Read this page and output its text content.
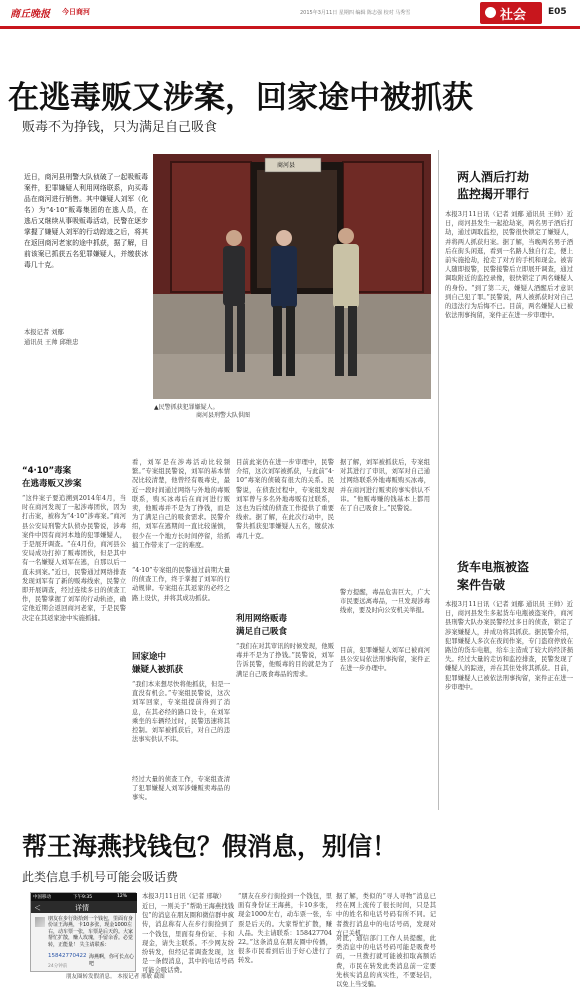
商丘晚报 今日商河	2015年3月11日 星期四 编辑 陈志强 校对 马秀雪	社会 E05
在逃毒贩又涉案，回家途中被抓获
贩毒不为挣钱，只为满足自己吸食
近日，商河县刑警大队侦破了一起吸贩毒案件，犯罪嫌疑人利用网络联系，向买毒品在商河进行销售。其中嫌疑人刘军（化名）为“4·10”贩毒集团的在逃人员，在逃后又继续从事吸贩毒活动，民警在逐步掌握了嫌疑人刘军的行动踪迹之后，将其在返回商河老家的途中抓获，据了解，目前该案已抓获五名犯罪嫌疑人，并缴获冰毒几十克。
本报记者 刘鄢
通讯员 王帅 邱维忠
商河县
▲民警抓获犯罪嫌疑人。
商河县刑警大队供图
“4·10”毒案
在逃毒贩又涉案
“这件案子要追溯到2014年4月，当时在商河发现了一起涉毒团伙，因为打击案，被称为“4·10”涉毒案。”商河县公安局刑警大队侦办民警说，涉毒案件中因有商河本地的犯罪嫌疑人，于是展开调查。“在4月份，商河县公安局成功打掉了贩毒团伙，但是其中有一名嫌疑人刘军在逃，自那以后一直未到案。”近日，民警通过网络排查发现刘军有了新的贩毒线索，民警立即开展调查，经过连续多日的侦查工作，民警掌握了刘军的行动轨迹，确定他近期会返回商河老家，于是民警决定在其返家途中实施抓捕。
看，刘军是在涉毒活动比较频繁。”专案组民警说，刘军的基本情况比较清楚，他曾经有吸毒史，最近一段时间通过网络与外地的毒贩联系，购买冰毒后在商河进行贩卖，他贩毒并不是为了挣钱，而是为了满足自己的吸食需求。民警介绍，刘军在逃期间一直比较谨慎，很少在一个地方长时间停留，给抓捕工作带来了一定的难度。
“4·10”专案组的民警通过前期大量的侦查工作，终于掌握了刘军的行动规律。专案组在其返家的必经之路上设伏，并将其成功抓获。
回家途中
嫌疑人被抓获
“我们本来想尽快将他抓获，但是一直没有机会。”专案组民警说，这次刘军回家，专案组提前得到了消息，在其必经的路口设卡，在刘军乘坐的车辆经过时，民警迅速将其控制。刘军被抓获后，对自己的违法事实供认不讳。
经过大量的侦查工作，专案组查清了犯罪嫌疑人刘军涉嫌贩卖毒品的事实。
目前此案仍在进一步审理中，民警介绍，这次刘军被抓获，与此前“4·10”毒案的侦破有很大的关系。民警说，在侦查过程中，专案组发现刘军曾与多名外地毒贩有过联系，这也为后续的侦查工作提供了重要线索。据了解，在此次行动中，民警共抓获犯罪嫌疑人五名，缴获冰毒几十克。
利用网络贩毒
满足自己吸食
“我们在对其审讯的时候发现，他贩毒并不是为了挣钱。”民警说，刘军告诉民警，他贩毒的目的就是为了满足自己吸食毒品的需求。
据了解，刘军被抓获后，专案组对其进行了审讯，刘军对自己通过网络联系外地毒贩购买冰毒，并在商河进行贩卖的事实供认不讳。“他贩毒赚的钱基本上都用在了自己吸食上。”民警说。
警方提醒，毒品危害巨大，广大市民要远离毒品，一旦发现涉毒线索，要及时向公安机关举报。
目前，犯罪嫌疑人刘军已被商河县公安局依法刑事拘留，案件正在进一步办理中。
两人酒后打劫
监控揭开罪行
本报3月11日讯（记者 刘鄢 通讯员 王帅）近日，商河县发生一起抢劫案，两名男子酒后打劫，通过调取监控，民警很快锁定了嫌疑人，并将两人抓获归案。据了解，当晚两名男子酒后在街头闲逛，看到一名路人独自行走，便上前实施抢劫，抢走了对方的手机和现金。被害人随即报警，民警接警后立即展开调查，通过调取附近的监控录像，很快锁定了两名嫌疑人的身份。“到了第二天，嫌疑人酒醒后才意识到自己犯了罪。”民警说，两人被抓获时对自己的违法行为后悔不已。目前，两名嫌疑人已被依法刑事拘留，案件正在进一步审理中。
货车电瓶被盗
案件告破
本报3月11日讯（记者 刘鄢 通讯员 王帅）近日，商河县发生多起货车电瓶被盗案件，商河县刑警大队办案民警经过多日的侦查，锁定了涉案嫌疑人，并成功将其抓获。据民警介绍，犯罪嫌疑人多次在夜间作案，专门盗窃停放在路边的货车电瓶，给车主造成了较大的经济损失。经过大量的走访和监控排查，民警发现了嫌疑人的踪迹，并在其住处将其抓获。目前，犯罪嫌疑人已被依法刑事拘留，案件正在进一步审理中。
帮王海燕找钱包？假消息，别信！
此类信息手机号可能会吸话费
中国移动	下午9:35	12%
＜	详情
朋友在步行街拾到一个钱包，里面有身份证王海燕，卡10多张，现金1000左右，动车票一张，车票是后天的。大家帮忙扩散，赚人玫瑰，手留余香。必觉转，正能量！ 失主请联系：
15842770422 海燕啊，你可长点心吧
24分钟前
朋友圈转发假消息。 本报记者 邢敏 截图
本报3月11日讯（记者 邢敏）
近日，一则关于“帮助王海燕找钱包”的消息在朋友圈和微信群中疯传，消息称有人在步行街捡到了一个钱包，里面有身份证、卡和现金，请失主联系。不少网友纷纷转发，但经记者调查发现，这是一条假消息，其中的电话号码可能会吸话费。
“朋友在步行街捡到一个钱包，里面有身份证王海燕，卡10多张，现金1000左右，动车票一张，车票是后天的。大家帮忙扩散，赚人品。失主请联系：15842770422。”这条消息在朋友圈中传播，很多市民看到后出于好心进行了转发。
据了解，类似的“寻人寻物”消息已经在网上流传了很长时间，只是其中的姓名和电话号码有所不同。记者拨打消息中的电话号码，发现对方已关机。
对此，通信部门工作人员提醒，此类消息中的电话号码可能是吸费号码，一旦拨打就可能被扣取高额话费，市民在转发此类消息前一定要先核实消息的真实性，不要轻信，以免上当受骗。
